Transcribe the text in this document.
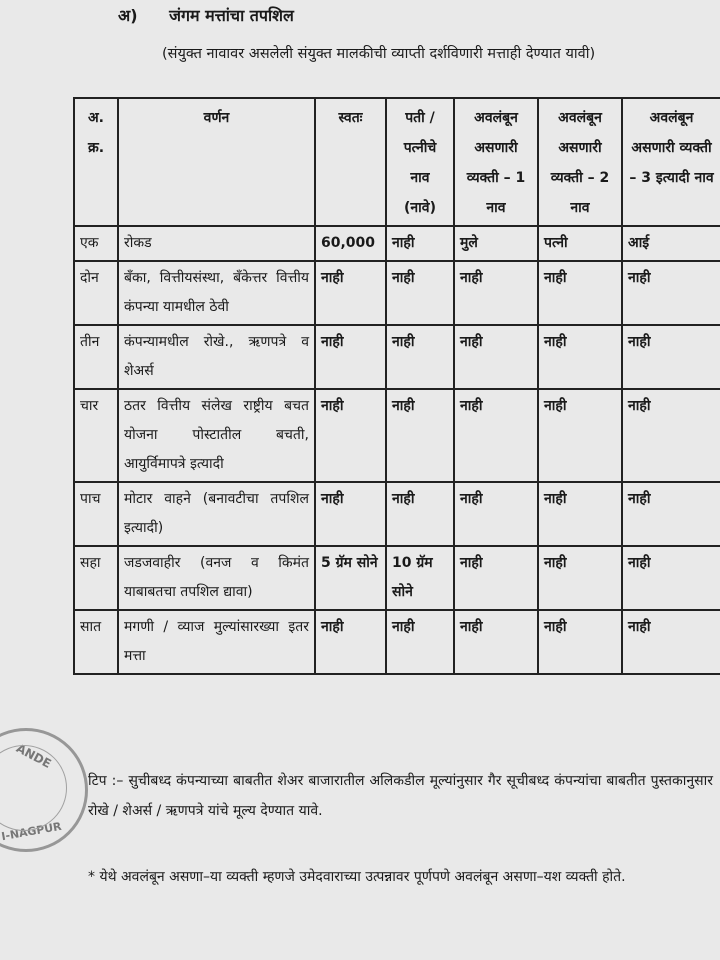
अ) जंगम मत्तांचा तपशिल
(संयुक्त नावावर असलेली संयुक्त मालकीची व्याप्ती दर्शविणारी मत्ताही देण्यात यावी)
अ. क्र.	वर्णन	स्वतः	पती / पत्नीचे नाव (नावे)	अवलंबून असणारी व्यक्ती – 1 नाव	अवलंबून असणारी व्यक्ती – 2 नाव	अवलंबून असणारी व्यक्ती – 3 इत्यादी नाव
एक	रोकड	60,000	नाही	मुले	पत्नी	आई
दोन	बँका, वित्तीयसंस्था, बँकेत्तर वित्तीय कंपन्या यामधील ठेवी	नाही	नाही	नाही	नाही	नाही
तीन	कंपन्यामधील रोखे., ऋणपत्रे व शेअर्स	नाही	नाही	नाही	नाही	नाही
चार	ठतर वित्तीय संलेख राष्ट्रीय बचत योजना पोस्टातील बचती, आयुर्विमापत्रे इत्यादी	नाही	नाही	नाही	नाही	नाही
पाच	मोटार वाहने (बनावटीचा तपशिल इत्यादी)	नाही	नाही	नाही	नाही	नाही
सहा	जडजवाहीर (वनज व किमंत याबाबतचा तपशिल द्यावा)	5 ग्रॅम सोने	10 ग्रॅम सोने	नाही	नाही	नाही
सात	मगणी / व्याज मुल्यांसारख्या इतर मत्ता	नाही	नाही	नाही	नाही	नाही
टिप :– सुचीबध्द कंपन्याच्या बाबतीत शेअर बाजारातील अलिकडील मूल्यांनुसार गैर सूचीबध्द कंपन्यांचा बाबतीत पुस्तकानुसार रोखे / शेअर्स / ऋणपत्रे यांचे मूल्य देण्यात यावे.
* येथे अवलंबून असणा–या व्यक्ती म्हणजे उमेदवाराच्या उत्पन्नावर पूर्णपणे अवलंबून असणा–यश व्यक्ती होते.
ANDE
I-NAGPUR
